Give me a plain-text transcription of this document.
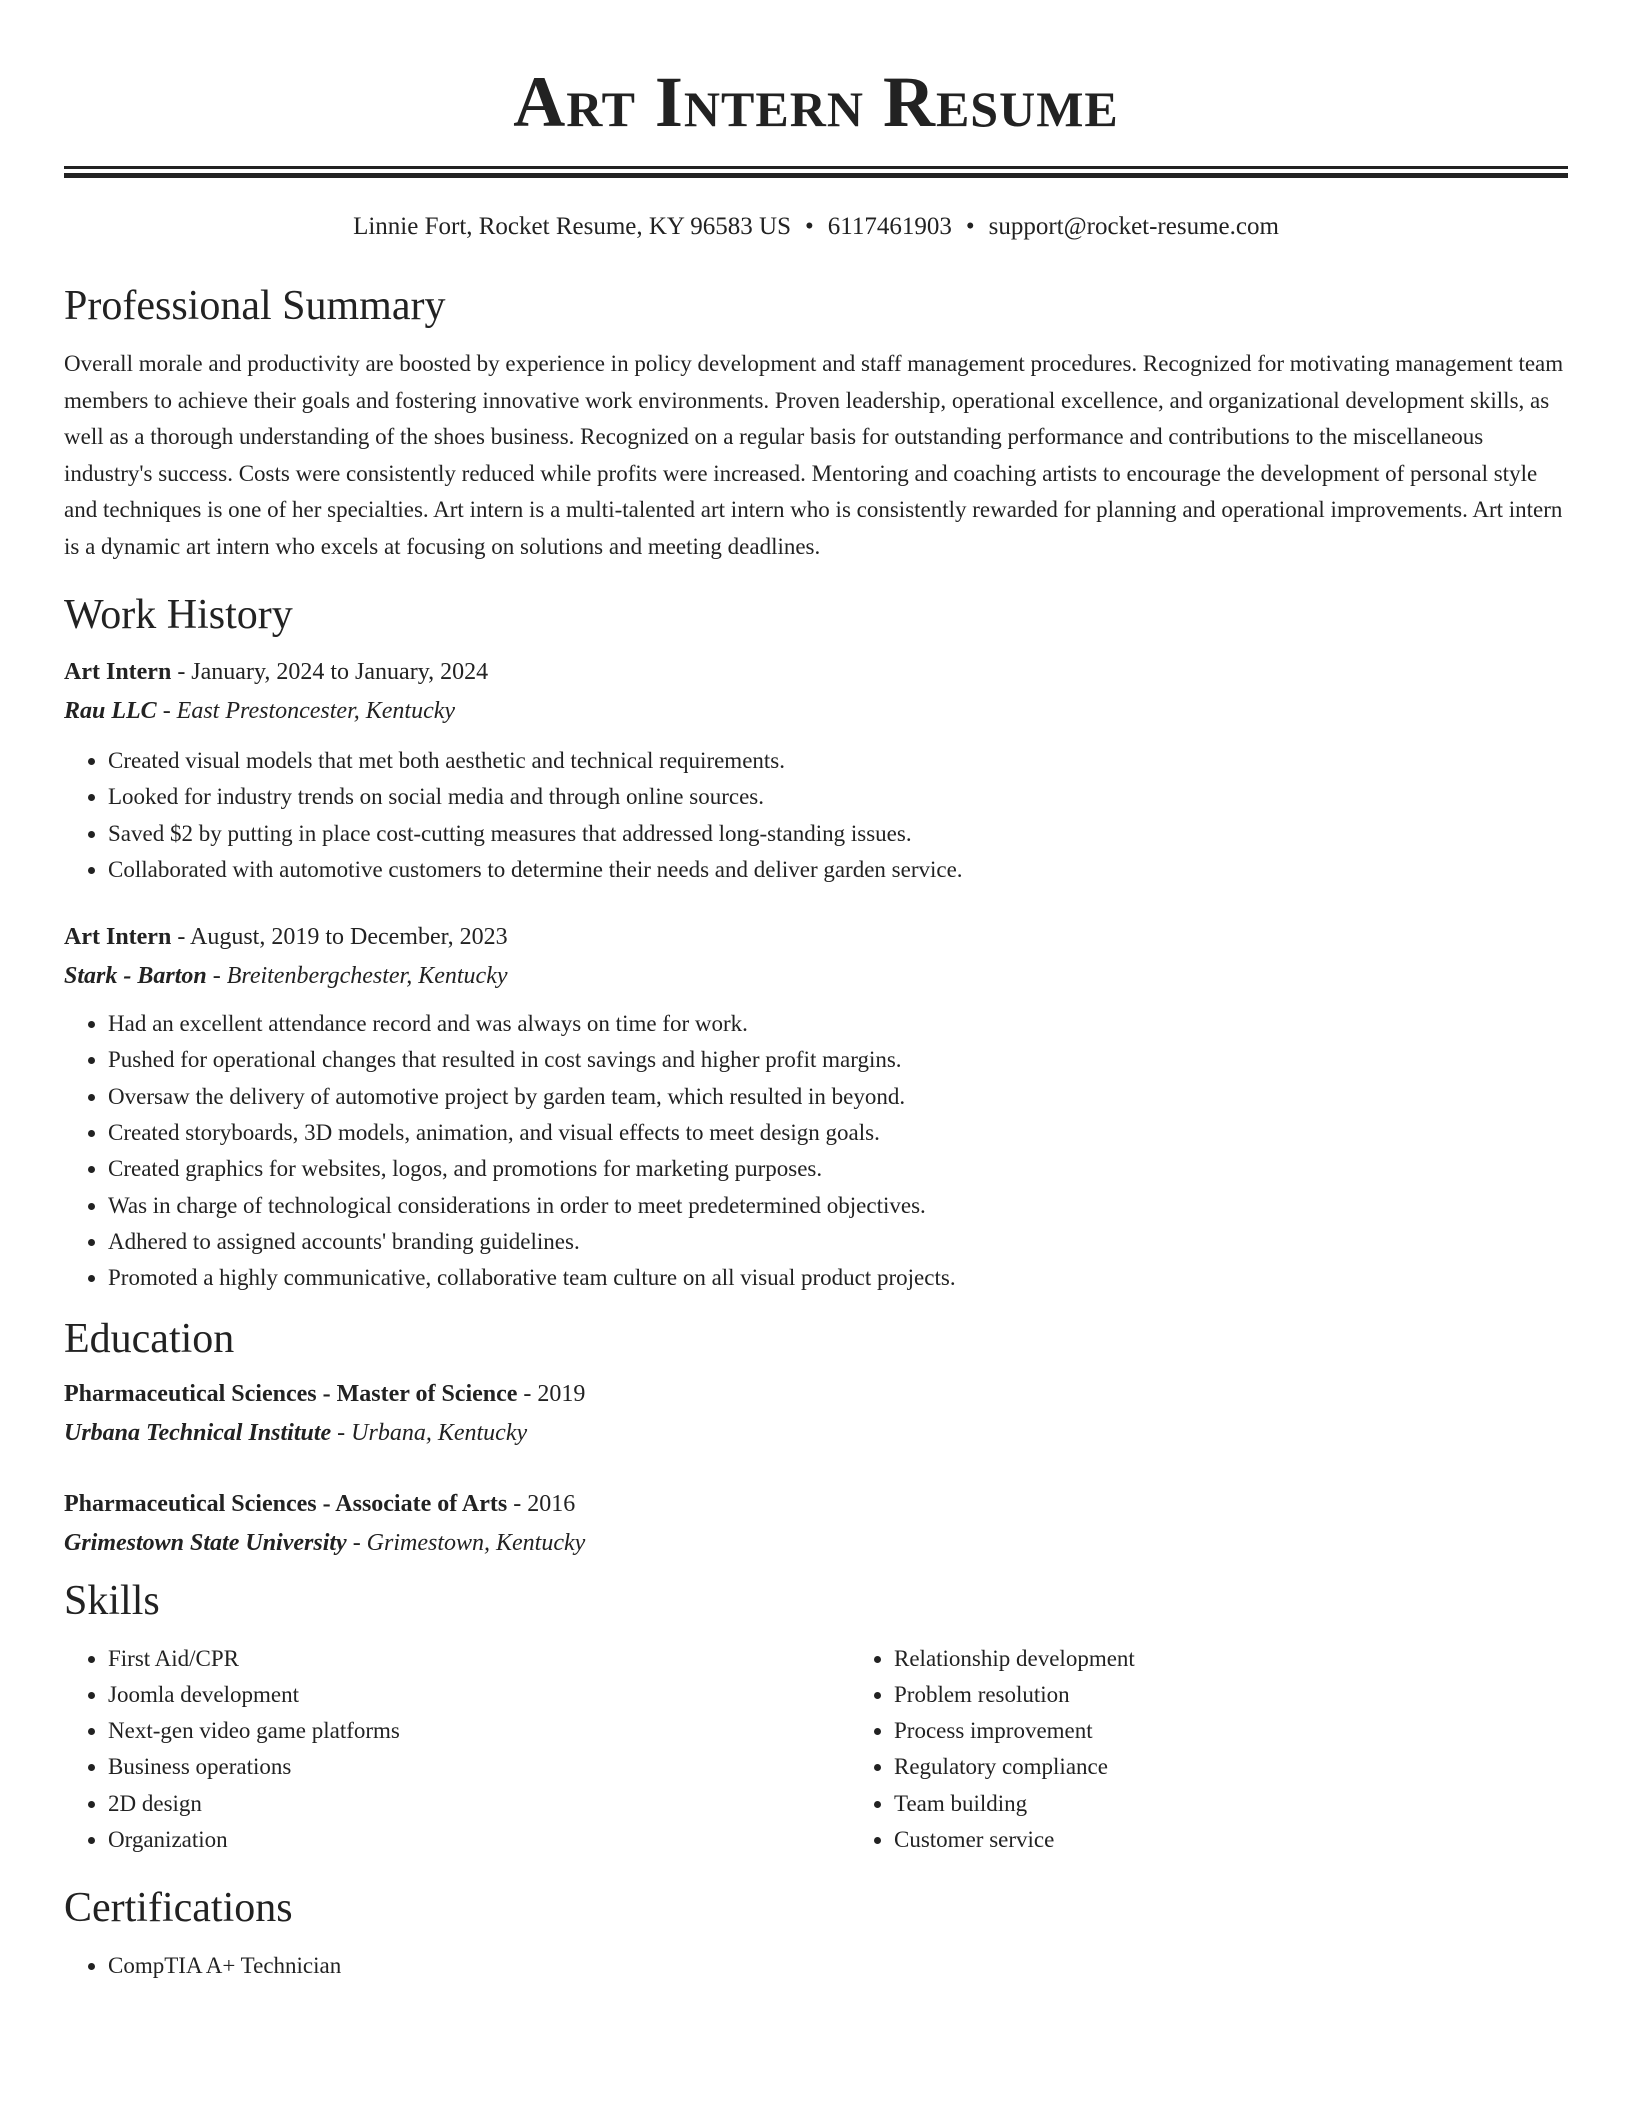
Art Intern Resume
Linnie Fort, Rocket Resume, KY 96583 US • 6117461903 • support@rocket-resume.com
Professional Summary

Overall morale and productivity are boosted by experience in policy development and staff management procedures. Recognized for motivating management team members to achieve their goals and fostering innovative work environments. Proven leadership, operational excellence, and organizational development skills, as well as a thorough understanding of the shoes business. Recognized on a regular basis for outstanding performance and contributions to the miscellaneous industry's success. Costs were consistently reduced while profits were increased. Mentoring and coaching artists to encourage the development of personal style and techniques is one of her specialties. Art intern is a multi-talented art intern who is consistently rewarded for planning and operational improvements. Art intern is a dynamic art intern who excels at focusing on solutions and meeting deadlines.

Work History
Art Intern - January, 2024 to January, 2024
Rau LLC - East Prestoncester, Kentucky
• Created visual models that met both aesthetic and technical requirements.
• Looked for industry trends on social media and through online sources.
• Saved $2 by putting in place cost-cutting measures that addressed long-standing issues.
• Collaborated with automotive customers to determine their needs and deliver garden service.
Art Intern - August, 2019 to December, 2023
Stark - Barton - Breitenbergchester, Kentucky
• Had an excellent attendance record and was always on time for work.
• Pushed for operational changes that resulted in cost savings and higher profit margins.
• Oversaw the delivery of automotive project by garden team, which resulted in beyond.
• Created storyboards, 3D models, animation, and visual effects to meet design goals.
• Created graphics for websites, logos, and promotions for marketing purposes.
• Was in charge of technological considerations in order to meet predetermined objectives.
• Adhered to assigned accounts' branding guidelines.
• Promoted a highly communicative, collaborative team culture on all visual product projects.
Education
Pharmaceutical Sciences - Master of Science - 2019
Urbana Technical Institute - Urbana, Kentucky
Pharmaceutical Sciences - Associate of Arts - 2016
Grimestown State University - Grimestown, Kentucky
Skills
• First Aid/CPR
• Joomla development
• Next-gen video game platforms
• Business operations
• 2D design
• Organization
• Relationship development
• Problem resolution
• Process improvement
• Regulatory compliance
• Team building
• Customer service
Certifications
• CompTIA A+ Technician
